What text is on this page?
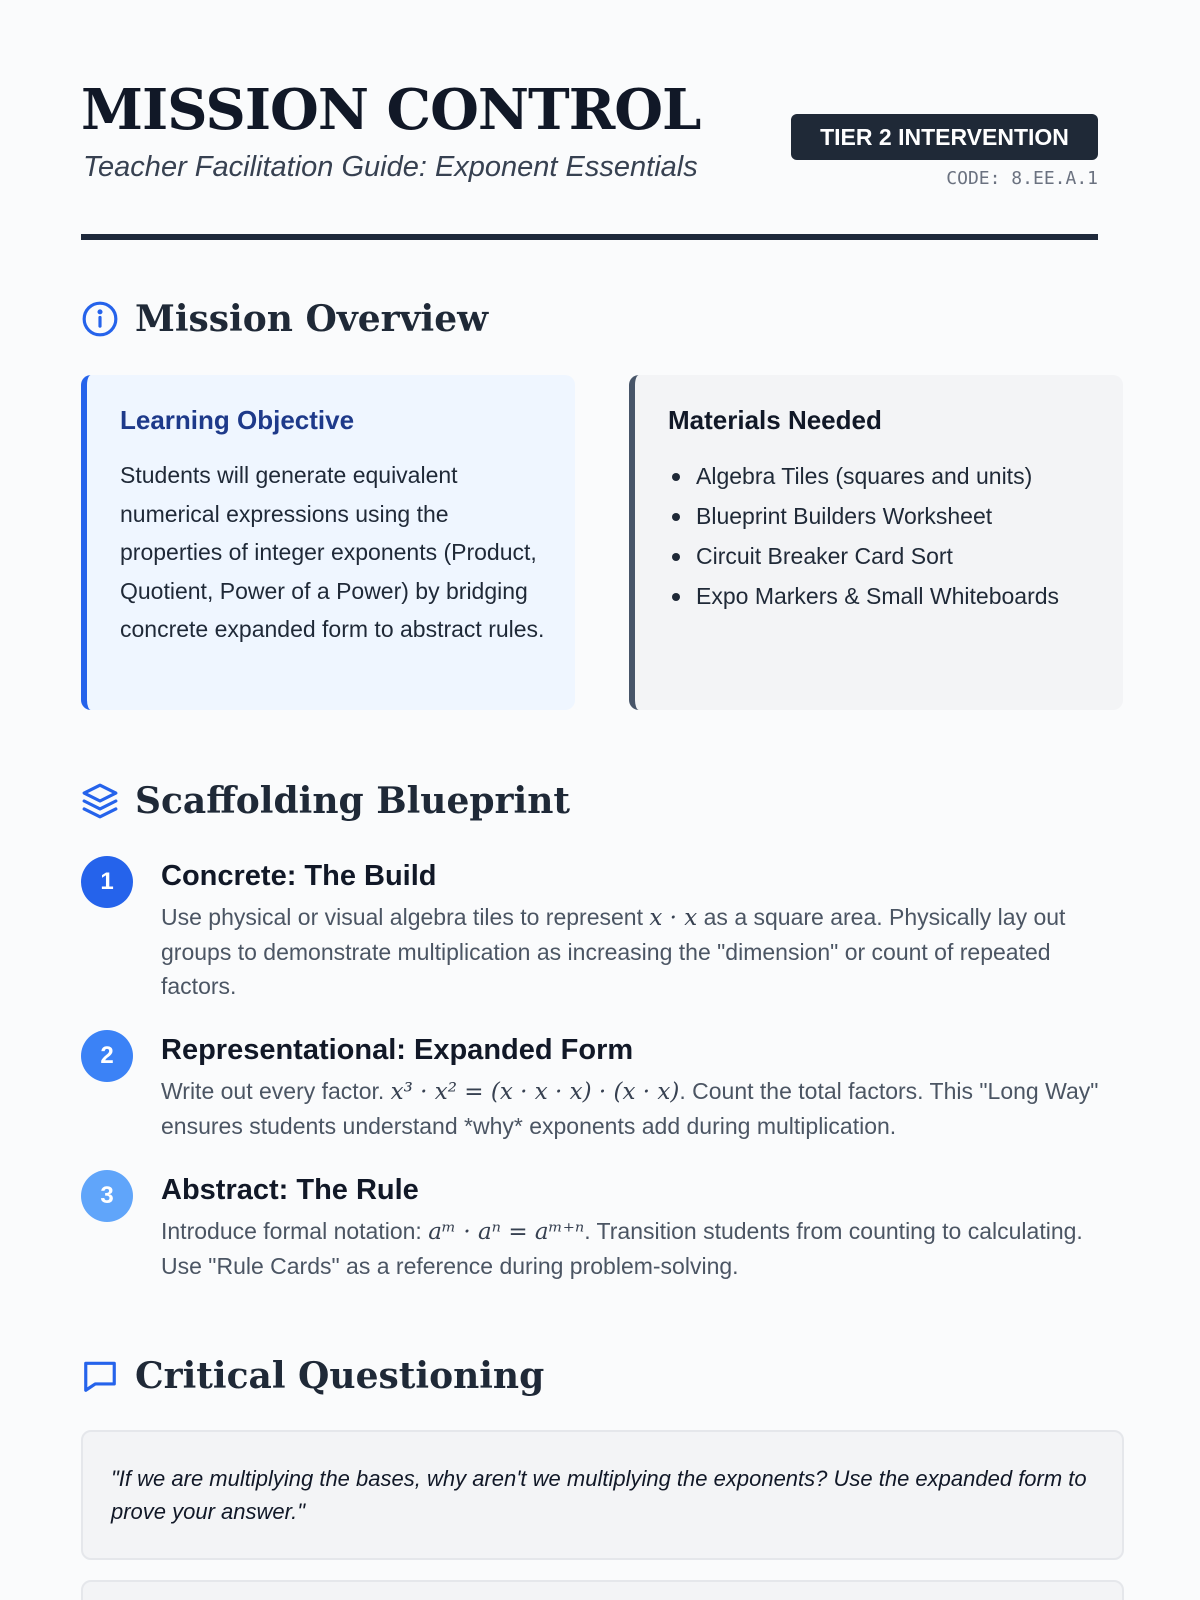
MISSION CONTROL
Teacher Facilitation Guide: Exponent Essentials
TIER 2 INTERVENTION
CODE: 8.EE.A.1
Mission Overview
Learning Objective
Students will generate equivalent numerical expressions using the properties of integer exponents (Product, Quotient, Power of a Power) by bridging concrete expanded form to abstract rules.
Materials Needed
Algebra Tiles (squares and units)
Blueprint Builders Worksheet
Circuit Breaker Card Sort
Expo Markers & Small Whiteboards
Scaffolding Blueprint
1	Concrete: The Build
Use physical or visual algebra tiles to represent x · x as a square area. Physically lay out groups to demonstrate multiplication as increasing the "dimension" or count of repeated factors.
2	Representational: Expanded Form
Write out every factor. x³ · x² = (x · x · x) · (x · x). Count the total factors. This "Long Way" ensures students understand *why* exponents add during multiplication.
3	Abstract: The Rule
Introduce formal notation: aᵐ · aⁿ = aᵐ⁺ⁿ. Transition students from counting to calculating. Use "Rule Cards" as a reference during problem-solving.
Critical Questioning
"If we are multiplying the bases, why aren't we multiplying the exponents? Use the expanded form to prove your answer."
